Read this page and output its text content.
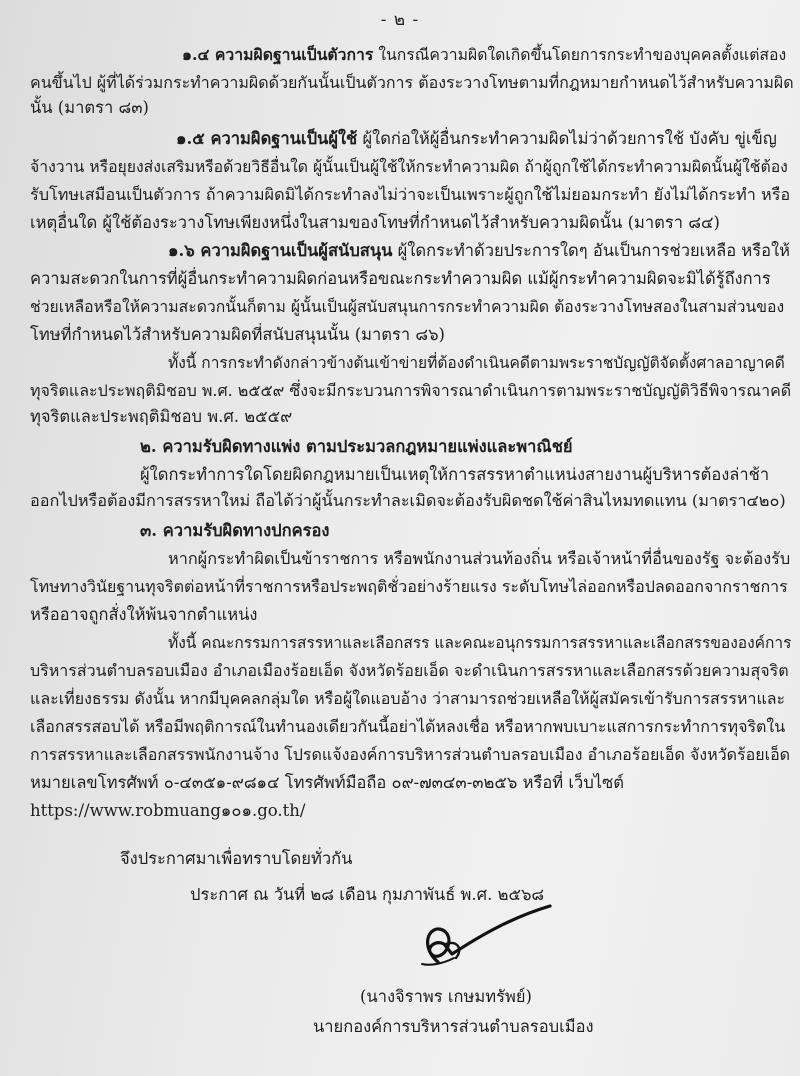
- ๒ -
๑.๔ ความผิดฐานเป็นตัวการ ในกรณีความผิดใดเกิดขึ้นโดยการกระทำของบุคคลตั้งแต่สอง
คนขึ้นไป ผู้ที่ได้ร่วมกระทำความผิดด้วยกันนั้นเป็นตัวการ ต้องระวางโทษตามที่กฎหมายกำหนดไว้สำหรับความผิด
นั้น (มาตรา ๘๓)
๑.๕ ความผิดฐานเป็นผู้ใช้ ผู้ใดก่อให้ผู้อื่นกระทำความผิดไม่ว่าด้วยการใช้ บังคับ ขู่เข็ญ
จ้างวาน หรือยุยงส่งเสริมหรือด้วยวิธีอื่นใด ผู้นั้นเป็นผู้ใช้ให้กระทำความผิด ถ้าผู้ถูกใช้ได้กระทำความผิดนั้นผู้ใช้ต้อง
รับโทษเสมือนเป็นตัวการ ถ้าความผิดมิได้กระทำลงไม่ว่าจะเป็นเพราะผู้ถูกใช้ไม่ยอมกระทำ ยังไม่ได้กระทำ หรือ
เหตุอื่นใด ผู้ใช้ต้องระวางโทษเพียงหนึ่งในสามของโทษที่กำหนดไว้สำหรับความผิดนั้น (มาตรา ๘๔)
๑.๖ ความผิดฐานเป็นผู้สนับสนุน ผู้ใดกระทำด้วยประการใดๆ อันเป็นการช่วยเหลือ หรือให้
ความสะดวกในการที่ผู้อื่นกระทำความผิดก่อนหรือขณะกระทำความผิด แม้ผู้กระทำความผิดจะมิได้รู้ถึงการ
ช่วยเหลือหรือให้ความสะดวกนั้นก็ตาม ผู้นั้นเป็นผู้สนับสนุนการกระทำความผิด ต้องระวางโทษสองในสามส่วนของ
โทษที่กำหนดไว้สำหรับความผิดที่สนับสนุนนั้น (มาตรา ๘๖)
ทั้งนี้ การกระทำดังกล่าวข้างต้นเข้าข่ายที่ต้องดำเนินคดีตามพระราชบัญญัติจัดตั้งศาลอาญาคดี
ทุจริตและประพฤติมิชอบ พ.ศ. ๒๕๕๙ ซึ่งจะมีกระบวนการพิจารณาดำเนินการตามพระราชบัญญัติวิธีพิจารณาคดี
ทุจริตและประพฤติมิชอบ พ.ศ. ๒๕๕๙
๒. ความรับผิดทางแพ่ง ตามประมวลกฎหมายแพ่งและพาณิชย์
ผู้ใดกระทำการใดโดยผิดกฎหมายเป็นเหตุให้การสรรหาตำแหน่งสายงานผู้บริหารต้องล่าช้า
ออกไปหรือต้องมีการสรรหาใหม่ ถือได้ว่าผู้นั้นกระทำละเมิดจะต้องรับผิดชดใช้ค่าสินไหมทดแทน (มาตรา๔๒๐)
๓. ความรับผิดทางปกครอง
หากผู้กระทำผิดเป็นข้าราชการ หรือพนักงานส่วนท้องถิ่น หรือเจ้าหน้าที่อื่นของรัฐ จะต้องรับ
โทษทางวินัยฐานทุจริตต่อหน้าที่ราชการหรือประพฤติชั่วอย่างร้ายแรง ระดับโทษไล่ออกหรือปลดออกจากราชการ
หรืออาจถูกสั่งให้พ้นจากตำแหน่ง
ทั้งนี้ คณะกรรมการสรรหาและเลือกสรร และคณะอนุกรรมการสรรหาและเลือกสรรขององค์การ
บริหารส่วนตำบลรอบเมือง อำเภอเมืองร้อยเอ็ด จังหวัดร้อยเอ็ด จะดำเนินการสรรหาและเลือกสรรด้วยความสุจริต
และเที่ยงธรรม ดังนั้น หากมีบุคคลกลุ่มใด หรือผู้ใดแอบอ้าง ว่าสามารถช่วยเหลือให้ผู้สมัครเข้ารับการสรรหาและ
เลือกสรรสอบได้ หรือมีพฤติการณ์ในทำนองเดียวกันนี้อย่าได้หลงเชื่อ หรือหากพบเบาะแสการกระทำการทุจริตใน
การสรรหาและเลือกสรรพนักงานจ้าง โปรดแจ้งองค์การบริหารส่วนตำบลรอบเมือง อำเภอร้อยเอ็ด จังหวัดร้อยเอ็ด
หมายเลขโทรศัพท์ ๐-๔๓๕๑-๙๘๑๔ โทรศัพท์มือถือ ๐๙-๗๓๔๓-๓๒๕๖ หรือที่ เว็บไซต์
https://www.robmuang๑๐๑.go.th/
จึงประกาศมาเพื่อทราบโดยทั่วกัน
ประกาศ ณ วันที่ ๒๘ เดือน กุมภาพันธ์ พ.ศ. ๒๕๖๘
(นางจิราพร เกษมทรัพย์)
นายกองค์การบริหารส่วนตำบลรอบเมือง
